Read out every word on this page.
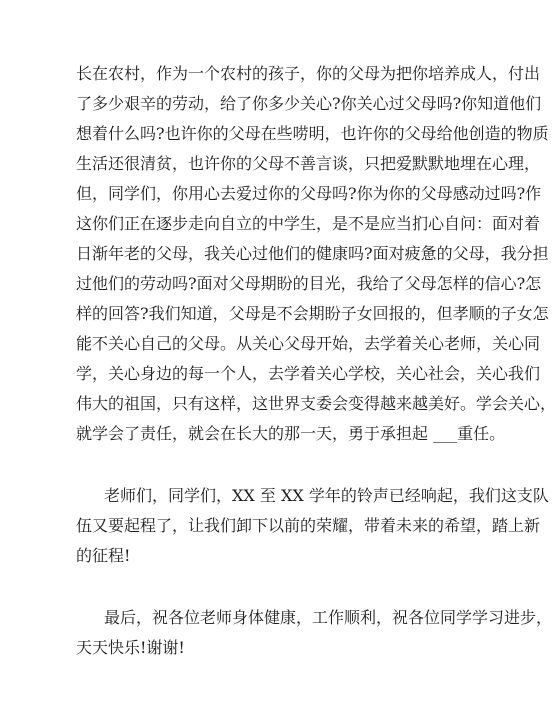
长在农村，作为一个农村的孩子，你的父母为把你培养成人，付出

了多少艰辛的劳动，给了你多少关心?你关心过父母吗?你知道他们

想着什么吗?也许你的父母在些唠明，也许你的父母给他创造的物质

生活还很清贫，也许你的父母不善言谈，只把爱默默地埋在心理，

但，同学们，你用心去爱过你的父母吗?你为你的父母感动过吗?作

这你们正在逐步走向自立的中学生，是不是应当扪心自问：面对着

日渐年老的父母，我关心过他们的健康吗?面对疲惫的父母，我分担

过他们的劳动吗?面对父母期盼的目光，我给了父母怎样的信心?怎

样的回答?我们知道，父母是不会期盼子女回报的，但孝顺的子女怎

能不关心自己的父母。从关心父母开始，去学着关心老师，关心同

学，关心身边的每一个人，去学着关心学校，关心社会，关心我们

伟大的祖国，只有这样，这世界支委会变得越来越美好。学会关心，

就学会了责任，就会在长大的那一天，勇于承担起 ___重任。

老师们，同学们，XX 至 XX 学年的铃声已经响起，我们这支队

伍又要起程了，让我们卸下以前的荣耀，带着未来的希望，踏上新

的征程!

最后，祝各位老师身体健康，工作顺利，祝各位同学学习进步，

天天快乐!谢谢!
